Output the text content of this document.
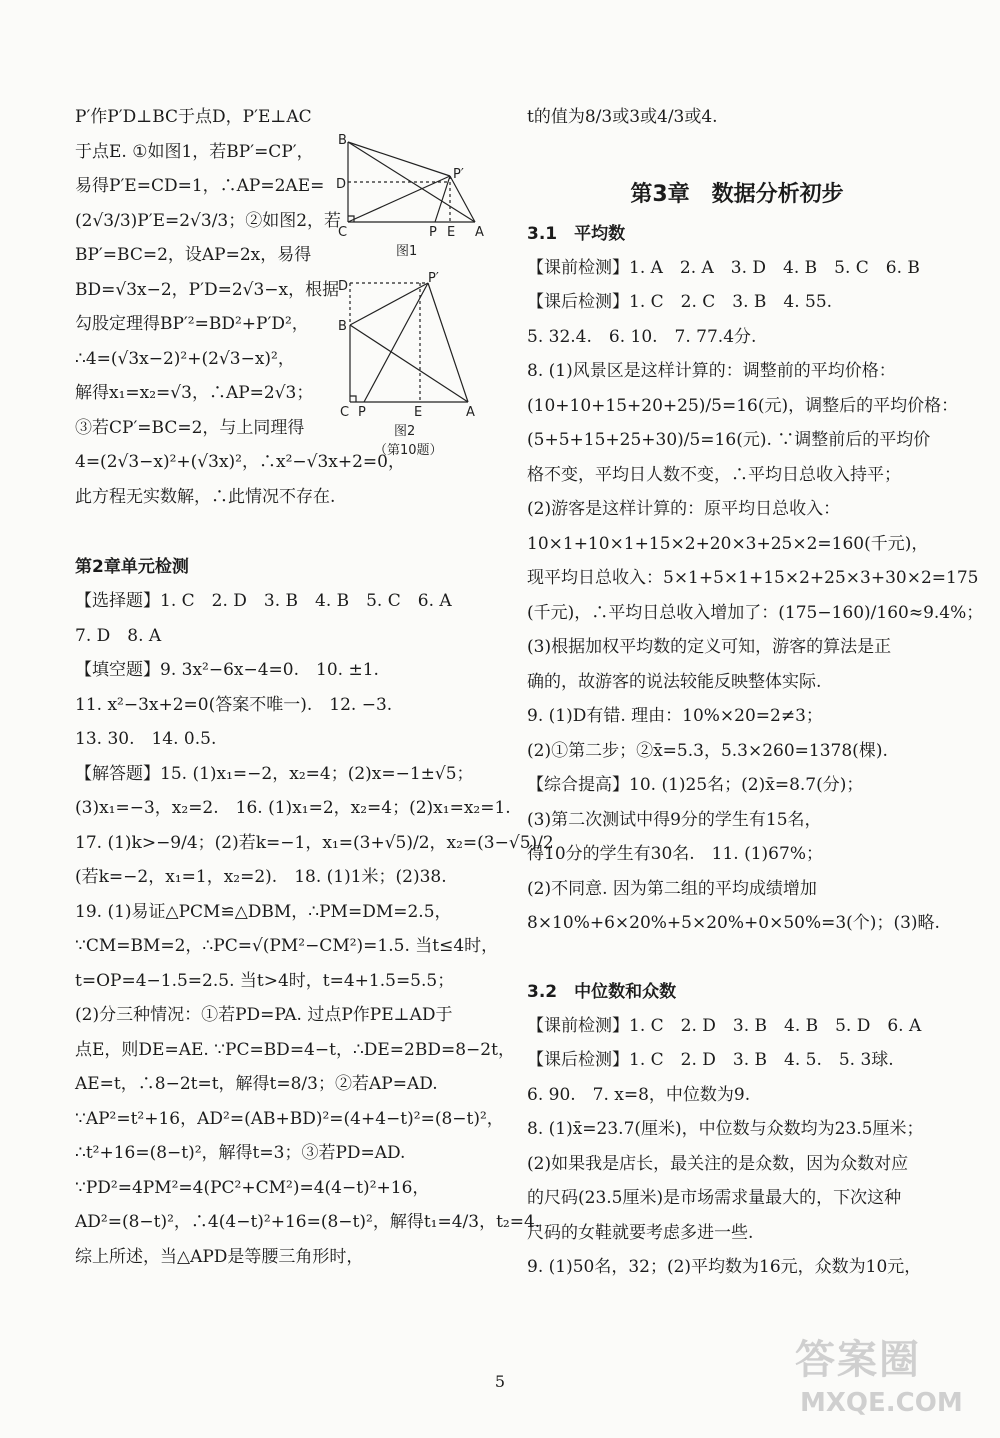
P′作P′D⊥BC于点D，P′E⊥AC
于点E. ①如图1，若BP′=CP′，
易得P′E=CD=1，∴AP=2AE=
(2√3/3)P′E=2√3/3；②如图2，若
BP′=BC=2，设AP=2x，易得
BD=√3x−2，P′D=2√3−x，根据
勾股定理得BP′²=BD²+P′D²，
∴4=(√3x−2)²+(2√3−x)²，
解得x₁=x₂=√3，∴AP=2√3；
③若CP′=BC=2，与上同理得
4=(2√3−x)²+(√3x)²，∴x²−√3x+2=0，
此方程无实数解，∴此情况不存在.
第2章单元检测
【选择题】1. C　2. D　3. B　4. B　5. C　6. A
7. D　8. A
【填空题】9. 3x²−6x−4=0.　10. ±1.
11. x²−3x+2=0(答案不唯一).　12. −3.
13. 30.　14. 0.5.
【解答题】15. (1)x₁=−2，x₂=4；(2)x=−1±√5；
(3)x₁=−3，x₂=2.　16. (1)x₁=2，x₂=4；(2)x₁=x₂=1.
17. (1)k>−9/4；(2)若k=−1，x₁=(3+√5)/2，x₂=(3−√5)/2
(若k=−2，x₁=1，x₂=2).　18. (1)1米；(2)38.
19. (1)易证△PCM≌△DBM，∴PM=DM=2.5，
∵CM=BM=2，∴PC=√(PM²−CM²)=1.5. 当t≤4时，
t=OP=4−1.5=2.5. 当t>4时，t=4+1.5=5.5；
(2)分三种情况：①若PD=PA. 过点P作PE⊥AD于
点E，则DE=AE. ∵PC=BD=4−t，∴DE=2BD=8−2t，
AE=t，∴8−2t=t，解得t=8/3；②若AP=AD.
∵AP²=t²+16，AD²=(AB+BD)²=(4+4−t)²=(8−t)²，
∴t²+16=(8−t)²，解得t=3；③若PD=AD.
∵PD²=4PM²=4(PC²+CM²)=4(4−t)²+16，
AD²=(8−t)²，∴4(4−t)²+16=(8−t)²，解得t₁=4/3，t₂=4.
综上所述，当△APD是等腰三角形时，
B
D
P′
C	P E A
图1
D
P′
B
C P	E	A
图2
（第10题）
t的值为8/3或3或4/3或4.
第3章　数据分析初步
3.1　平均数
【课前检测】1. A　2. A　3. D　4. B　5. C　6. B
【课后检测】1. C　2. C　3. B　4. 55.
5. 32.4.　6. 10.　7. 77.4分.
8. (1)风景区是这样计算的：调整前的平均价格：
(10+10+15+20+25)/5=16(元)，调整后的平均价格：
(5+5+15+25+30)/5=16(元). ∵调整前后的平均价
格不变，平均日人数不变，∴平均日总收入持平；
(2)游客是这样计算的：原平均日总收入：
10×1+10×1+15×2+20×3+25×2=160(千元)，
现平均日总收入：5×1+5×1+15×2+25×3+30×2=175
(千元)，∴平均日总收入增加了：(175−160)/160≈9.4%；
(3)根据加权平均数的定义可知，游客的算法是正
确的，故游客的说法较能反映整体实际.
9. (1)D有错. 理由：10%×20=2≠3；
(2)①第二步；②x̄=5.3，5.3×260=1378(棵).
【综合提高】10. (1)25名；(2)x̄=8.7(分)；
(3)第二次测试中得9分的学生有15名，
得10分的学生有30名.　11. (1)67%；
(2)不同意. 因为第二组的平均成绩增加
8×10%+6×20%+5×20%+0×50%=3(个)；(3)略.
3.2　中位数和众数
【课前检测】1. C　2. D　3. B　4. B　5. D　6. A
【课后检测】1. C　2. D　3. B　4. 5.　5. 3球.
6. 90.　7. x=8，中位数为9.
8. (1)x̄=23.7(厘米)，中位数与众数均为23.5厘米；
(2)如果我是店长，最关注的是众数，因为众数对应
的尺码(23.5厘米)是市场需求量最大的，下次这种
尺码的女鞋就要考虑多进一些.
9. (1)50名，32；(2)平均数为16元，众数为10元，
5	答案圈
MXQE.COM
